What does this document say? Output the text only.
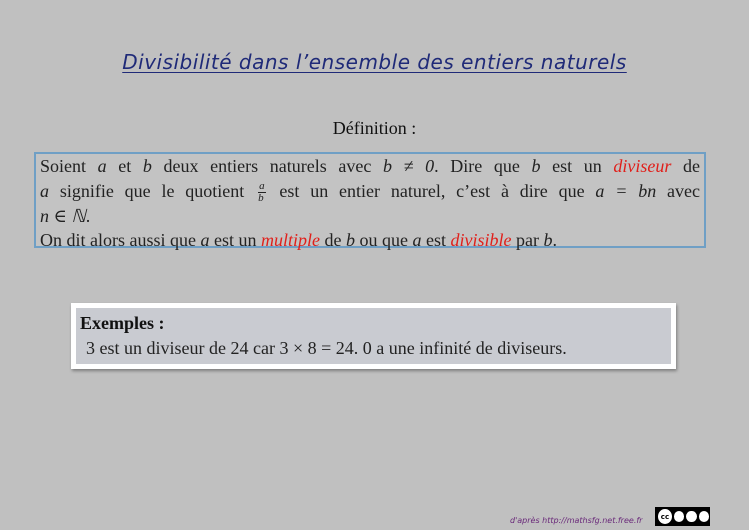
Divisibilité dans l’ensemble des entiers naturels
Définition :
Soient a et b deux entiers naturels avec b ≠ 0. Dire que b est un diviseur de
a signifie que le quotient $\frac{a}{b}$ est un entier naturel, c’est à dire que a = bn avec
n ∈ ℕ.
On dit alors aussi que a est un multiple de b ou que a est divisible par b.
Exemples :
3 est un diviseur de 24 car 3 × 8 = 24. 0 a une infinité de diviseurs.
d'après http://mathsfg.net.free.fr	cc
